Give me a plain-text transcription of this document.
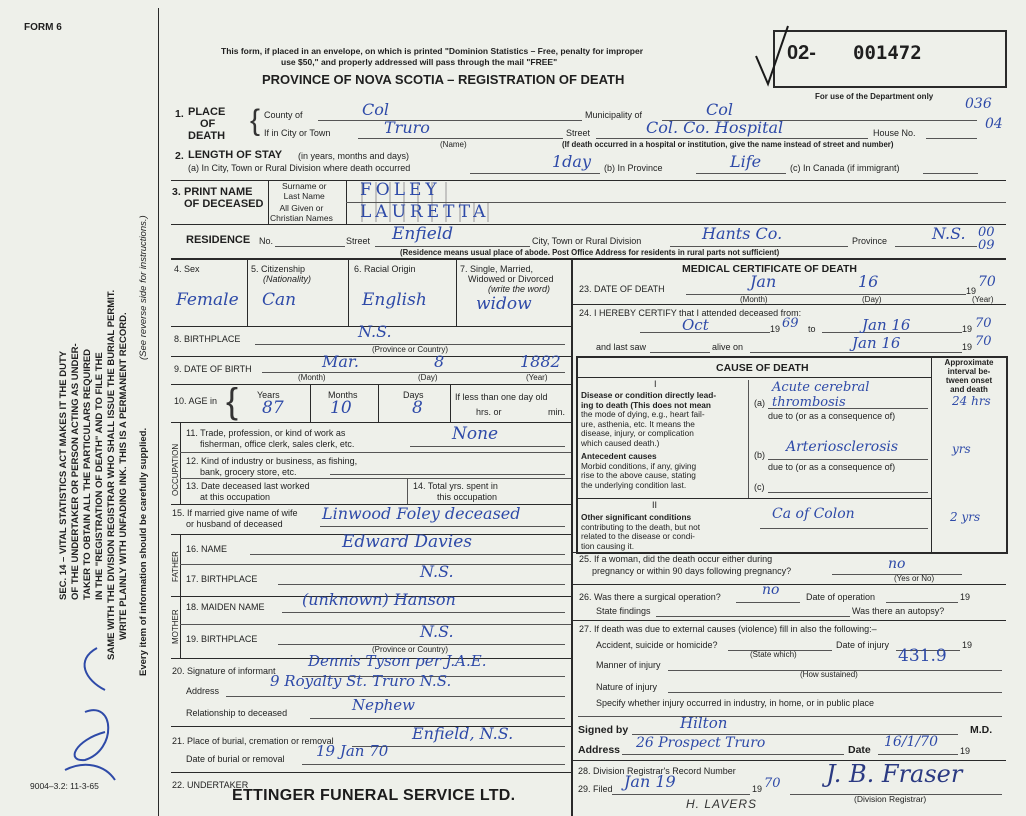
FORM 6
SEC. 14 – VITAL STATISTICS ACT MAKES IT THE DUTY OF THE UNDERTAKER OR PERSON ACTING AS UNDER- TAKER TO OBTAIN ALL THE PARTICULARS REQUIRED IN THE "REGISTRATION OF DEATH" AND TO FILE THE SAME WITH THE DIVISION REGISTRAR WHO SHALL ISSUE THE BURIAL PERMIT. WRITE PLAINLY WITH UNFADING INK. THIS IS A PERMANENT RECORD. Every item of information should be carefully supplied.
(See reverse side for instructions.)
9004–3.2: 11-3-65
This form, if placed in an envelope, on which is printed "Dominion Statistics – Free, penalty for improper
use $50," and properly addressed will pass through the mail "FREE"
PROVINCE OF NOVA SCOTIA – REGISTRATION OF DEATH
02- 001472
For use of the Department only 036
04
1. PLACE
OF
DEATH { County of	Col	Municipality of	Col
If in City or Town	Truro
(Name)
Street	Col. Co. Hospital	House No.
(If death occurred in a hospital or institution, give the name instead of street and number)
2. LENGTH OF STAY (in years, months and days)
(a) In City, Town or Rural Division where death occurred	1day (b) In Province	Life	(c) In Canada (if immigrant)
3. PRINT NAME
OF DECEASED
Surname or
Last Name
All Given or
Christian Names
FOLEY
LAURETTA
RESIDENCE No.	Street Enfield	City, Town or Rural Division	Hants Co.	Province	N.S. 00 09
(Residence means usual place of abode. Post Office Address for residents in rural parts not sufficient)
4. Sex
Female
5. Citizenship
(Nationality)
Can
6. Racial Origin
English
7. Single, Married,
Widowed or Divorced
(write the word)
widow
8. BIRTHPLACE	N.S.
(Province or Country)
9. DATE OF BIRTH	Mar.	8	1882
(Month)	(Day)	(Year)
10. AGE in { Years	Months	Days
87	10	8
If less than one day old
hrs. or	min.
OCCUPATION
11. Trade, profession, or kind of work as
fisherman, office clerk, sales clerk, etc.	None
12. Kind of industry or business, as fishing,
bank, grocery store, etc.
13. Date deceased last worked
at this occupation
14. Total yrs. spent in
this occupation
15. If married give name of wife
or husband of deceased
Linwood Foley deceased
FATHER
16. NAME	Edward Davies
17. BIRTHPLACE	N.S.
MOTHER
18. MAIDEN NAME (unknown) Hanson
19. BIRTHPLACE	N.S.
(Province or Country)
20. Signature of informant
Dennis Tyson per J.A.E.
Address
9 Royalty St. Truro N.S.
Relationship to deceased	Nephew
21. Place of burial, cremation or removal	Enfield, N.S.
Date of burial or removal 19 Jan 70
22. UNDERTAKER
ETTINGER FUNERAL SERVICE LTD.
MEDICAL CERTIFICATE OF DEATH
23. DATE OF DEATH	Jan	16	19
70
(Month)	(Day)	(Year)
24. I HEREBY CERTIFY that I attended deceased from:
Oct	19 69 to	Jan 16	19 70
and last saw	alive on	Jan 16	19 70
CAUSE OF DEATH	Approximate
interval be-
tween onset
and death
I
Disease or condition directly lead-
ing to death (This does not mean
the mode of dying, e.g., heart fail-
ure, asthenia, etc. It means the
disease, injury, or complication
which caused death.)
(a)
Acute cerebral thrombosis	24 hrs
due to (or as a consequence of)
Antecedent causes
Morbid conditions, if any, giving
rise to the above cause, stating
the underlying condition last.
(b) Arteriosclerosis	yrs
due to (or as a consequence of)
(c)
II
Other significant conditions
contributing to the death, but not
related to the disease or condi-
tion causing it.
Ca of Colon	2 yrs
25. If a woman, did the death occur either during
pregnancy or within 90 days following pregnancy?	no
(Yes or No)
26. Was there a surgical operation?	no	Date of operation	19
State findings	Was there an autopsy?
27. If death was due to external causes (violence) fill in also the following:–
Accident, suicide or homicide?
(State which)
Date of injury	19
Manner of injury	431.9
(How sustained)
Nature of injury
Specify whether injury occurred in industry, in home, or in public place
Signed by	Hilton	M.D.
Address 26 Prospect Truro	Date 16/1/70
19
28. Division Registrar's Record Number
29. Filed Jan 19	19 70 J. B. Fraser
(Division Registrar)
H. LAVERS
